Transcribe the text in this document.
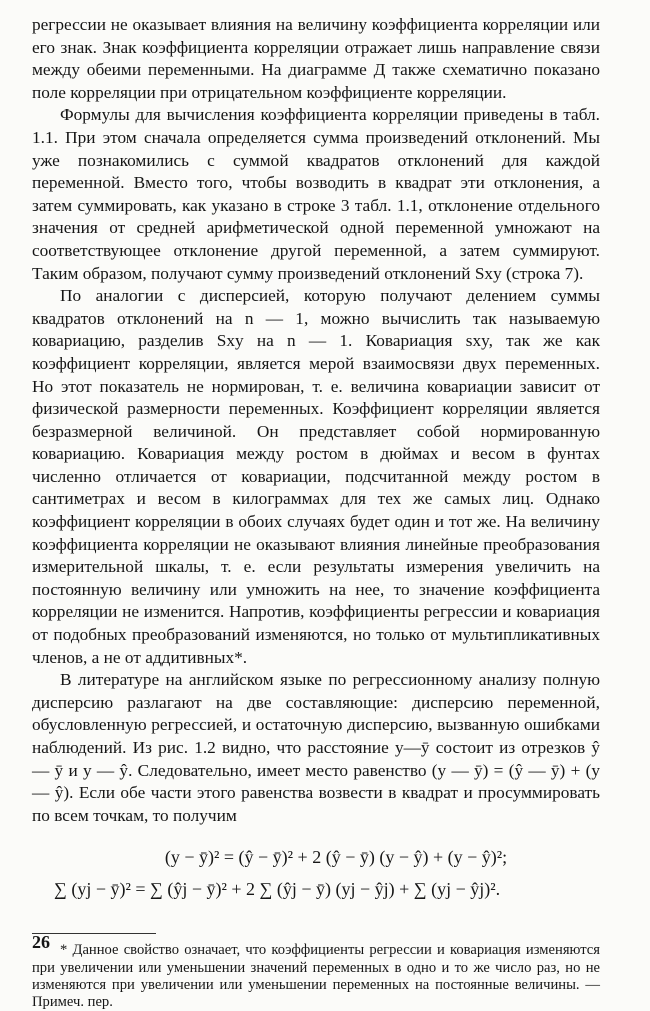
регрессии не оказывает влияния на величину коэффициента корреляции или его знак. Знак коэффициента корреляции отражает лишь направление связи между обеими переменными. На диаграмме Д также схематично показано поле корреляции при отрицательном коэффициенте корреляции.

Формулы для вычисления коэффициента корреляции приведены в табл. 1.1. При этом сначала определяется сумма произведений отклонений. Мы уже познакомились с суммой квадратов отклонений для каждой переменной. Вместо того, чтобы возводить в квадрат эти отклонения, а затем суммировать, как указано в строке 3 табл. 1.1, отклонение отдельного значения от средней арифметической одной переменной умножают на соответствующее отклонение другой переменной, а затем суммируют. Таким образом, получают сумму произведений отклонений Sxy (строка 7).

По аналогии с дисперсией, которую получают делением суммы квадратов отклонений на n — 1, можно вычислить так называемую ковариацию, разделив Sxy на n — 1. Ковариация sxy, так же как коэффициент корреляции, является мерой взаимосвязи двух переменных. Но этот показатель не нормирован, т. е. величина ковариации зависит от физической размерности переменных. Коэффициент корреляции является безразмерной величиной. Он представляет собой нормированную ковариацию. Ковариация между ростом в дюймах и весом в фунтах численно отличается от ковариации, подсчитанной между ростом в сантиметрах и весом в килограммах для тех же самых лиц. Однако коэффициент корреляции в обоих случаях будет один и тот же. На величину коэффициента корреляции не оказывают влияния линейные преобразования измерительной шкалы, т. е. если результаты измерения увеличить на постоянную величину или умножить на нее, то значение коэффициента корреляции не изменится. Напротив, коэффициенты регрессии и ковариация от подобных преобразований изменяются, но только от мультипликативных членов, а не от аддитивных*.

В литературе на английском языке по регрессионному анализу полную дисперсию разлагают на две составляющие: дисперсию переменной, обусловленную регрессией, и остаточную дисперсию, вызванную ошибками наблюдений. Из рис. 1.2 видно, что расстояние y—ȳ состоит из отрезков ŷ — ȳ и y — ŷ. Следовательно, имеет место равенство (y — ȳ) = (ŷ — ȳ) + (y — ŷ). Если обе части этого равенства возвести в квадрат и просуммировать по всем точкам, то получим

(y − ȳ)² = (ŷ − ȳ)² + 2 (ŷ − ȳ) (y − ŷ) + (y − ŷ)²;
∑ (yj − ȳ)² = ∑ (ŷj − ȳ)² + 2 ∑ (ŷj − ȳ) (yj − ŷj) + ∑ (yj − ŷj)².

* Данное свойство означает, что коэффициенты регрессии и ковариация изменяются при увеличении или уменьшении значений переменных в одно и то же число раз, но не изменяются при увеличении или уменьшении переменных на постоянные величины. — Примеч. пер.

26
